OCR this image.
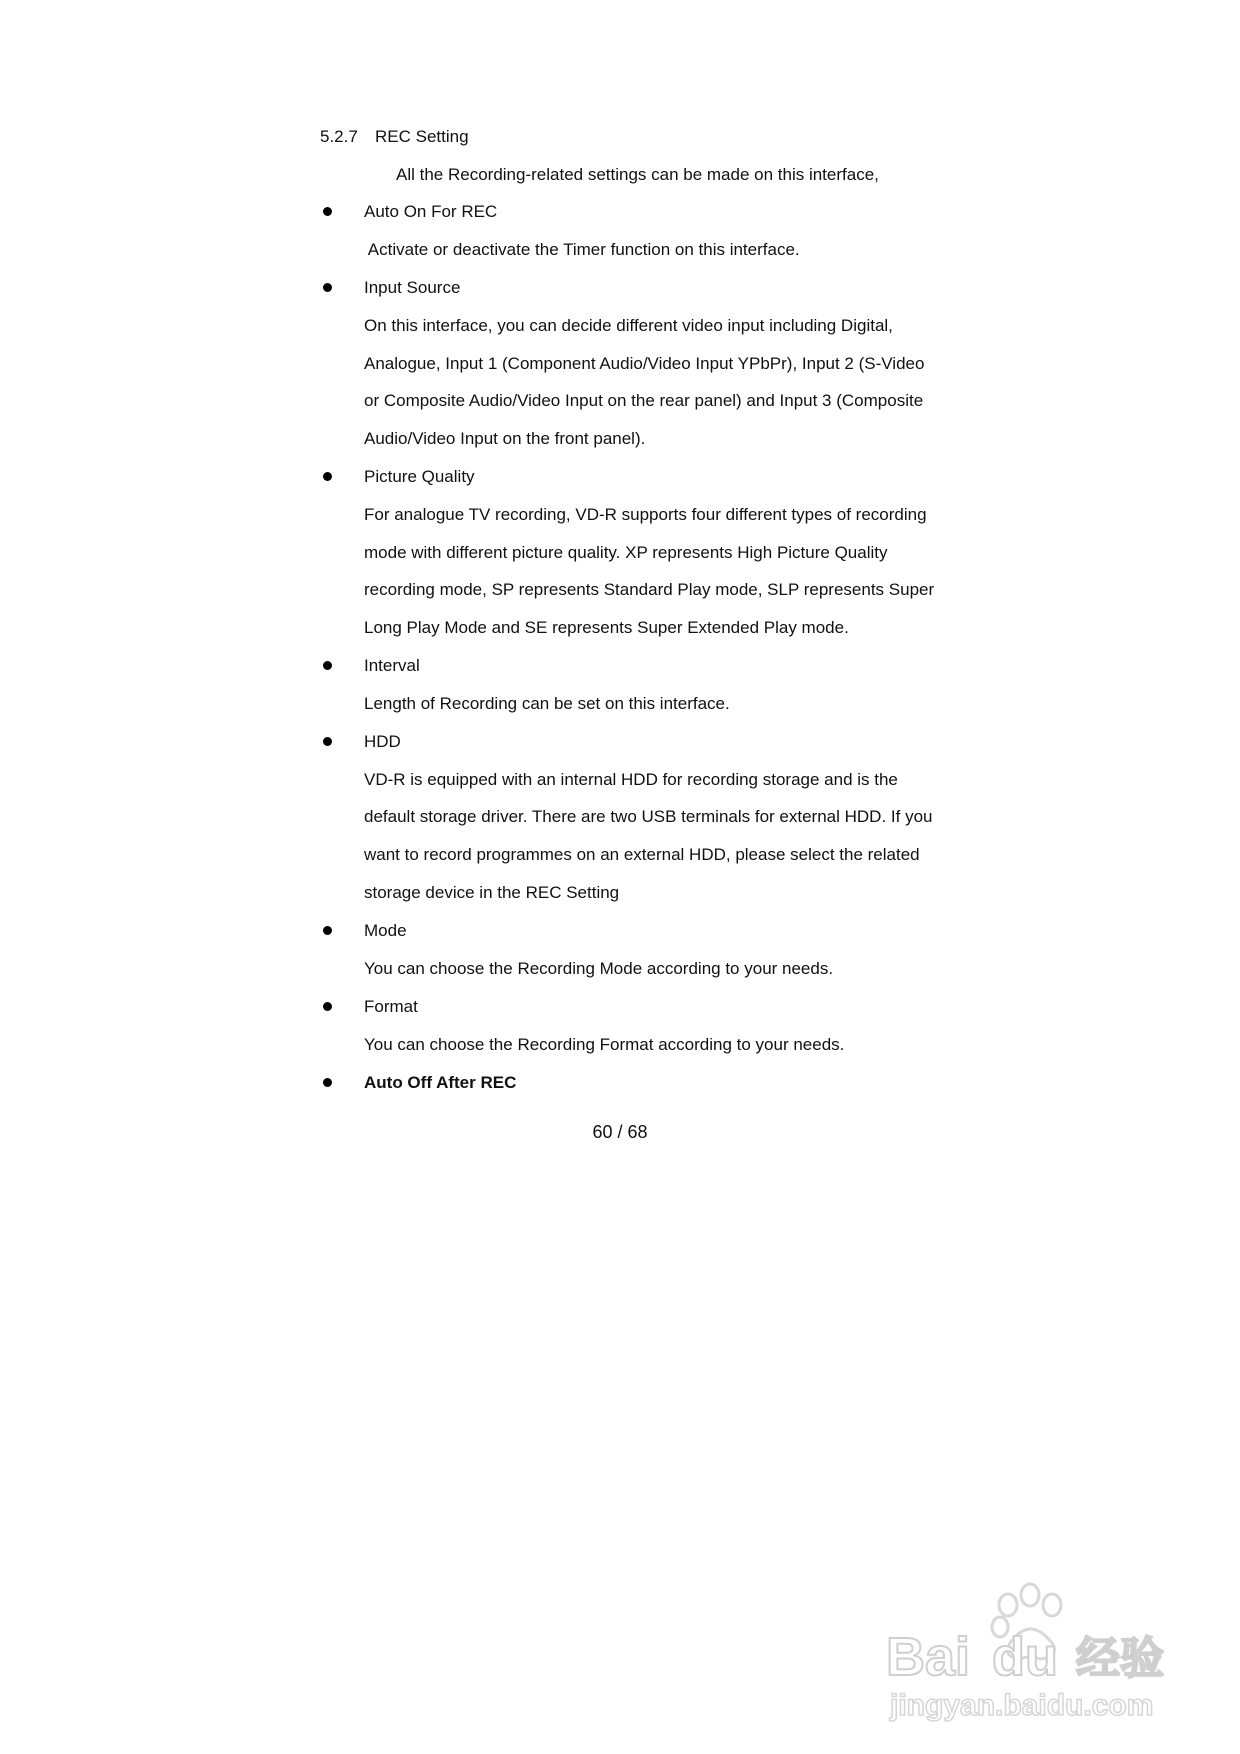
5.2.7 REC Setting
All the Recording-related settings can be made on this interface,
Auto On For REC
Activate or deactivate the Timer function on this interface.
Input Source
On this interface, you can decide different video input including Digital,
Analogue, Input 1 (Component Audio/Video Input YPbPr), Input 2 (S-Video
or Composite Audio/Video Input on the rear panel) and Input 3 (Composite
Audio/Video Input on the front panel).
Picture Quality
For analogue TV recording, VD-R supports four different types of recording
mode with different picture quality. XP represents High Picture Quality
recording mode, SP represents Standard Play mode, SLP represents Super
Long Play Mode and SE represents Super Extended Play mode.
Interval
Length of Recording can be set on this interface.
HDD
VD-R is equipped with an internal HDD for recording storage and is the
default storage driver. There are two USB terminals for external HDD. If you
want to record programmes on an external HDD, please select the related
storage device in the REC Setting
Mode
You can choose the Recording Mode according to your needs.
Format
You can choose the Recording Format according to your needs.
Auto Off After REC
60 / 68
Bai du 经验
jingyan.baidu.com
